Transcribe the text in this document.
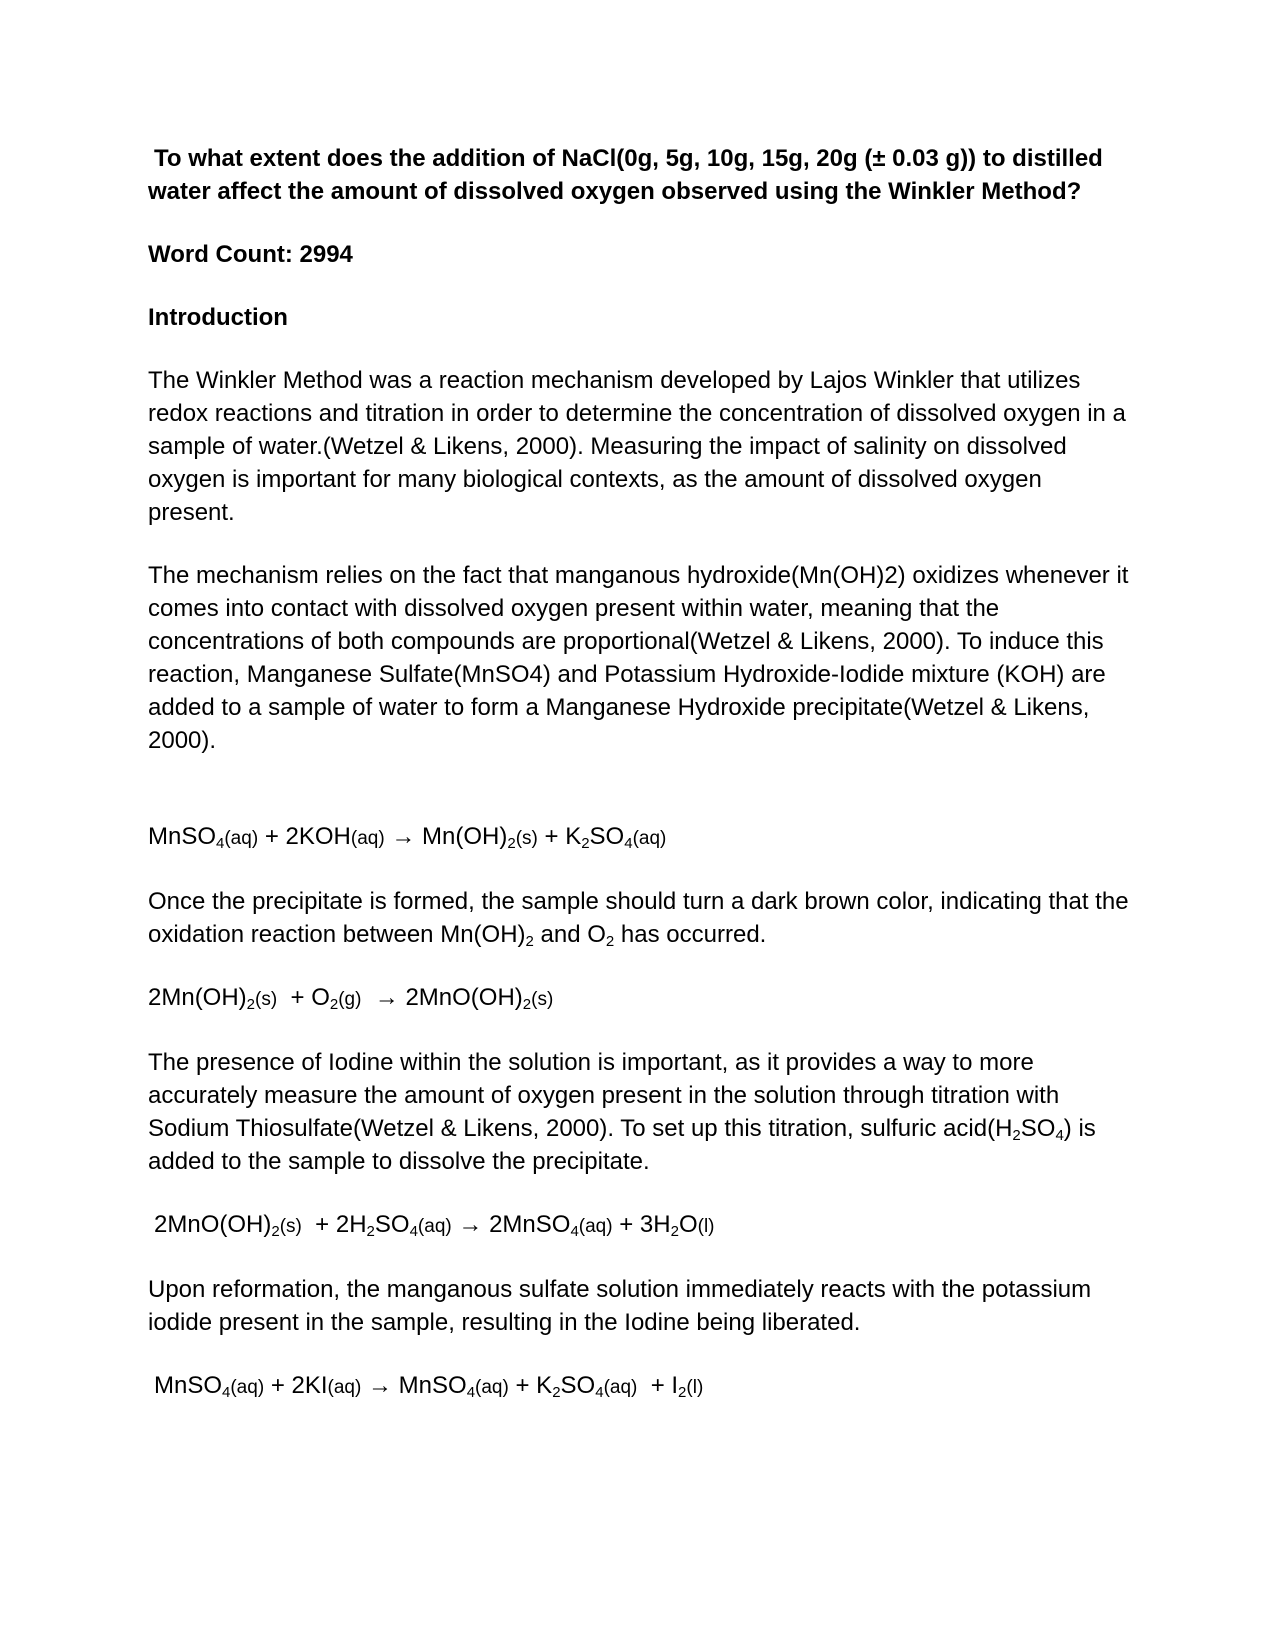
To what extent does the addition of NaCl(0g, 5g, 10g, 15g, 20g (± 0.03 g)) to distilled water affect the amount of dissolved oxygen observed using the Winkler Method?

Word Count: 2994

Introduction

The Winkler Method was a reaction mechanism developed by Lajos Winkler that utilizes redox reactions and titration in order to determine the concentration of dissolved oxygen in a sample of water.(Wetzel & Likens, 2000). Measuring the impact of salinity on dissolved oxygen is important for many biological contexts, as the amount of dissolved oxygen present.

The mechanism relies on the fact that manganous hydroxide(Mn(OH)2) oxidizes whenever it comes into contact with dissolved oxygen present within water, meaning that the concentrations of both compounds are proportional(Wetzel & Likens, 2000). To induce this reaction, Manganese Sulfate(MnSO4) and Potassium Hydroxide-Iodide mixture (KOH) are added to a sample of water to form a Manganese Hydroxide precipitate(Wetzel & Likens, 2000).

MnSO$_4$(aq) + $2KOH(aq) \to Mn(OH)_2(s) + K_2SO_4(aq)$

Once the precipitate is formed, the sample should turn a dark brown color, indicating that the oxidation reaction between $Mn(OH)_2$ and $O_2$ has occurred.

$2Mn(OH)_2(s) + O_2(g) \to 2MnO(OH)_2(s)$

The presence of Iodine within the solution is important, as it provides a way to more accurately measure the amount of oxygen present in the solution through titration with Sodium Thiosulfate(Wetzel & Likens, 2000). To set up this titration, sulfuric $acid(H_2SO_4)$ is added to the sample to dissolve the precipitate.

$2MnO(OH)_2(s) + 2H_2SO_4(aq)$ → 2MnSO$_4$(aq) + $3H_2O(l)$

Upon reformation, the manganous sulfate solution immediately reacts with the potassium iodide present in the sample, resulting in the Iodine being liberated.

MnSO$_4$(aq) + 2KI(aq) → MnSO$_4$(aq) + $K_2SO_4(aq) + I_2(l)$
